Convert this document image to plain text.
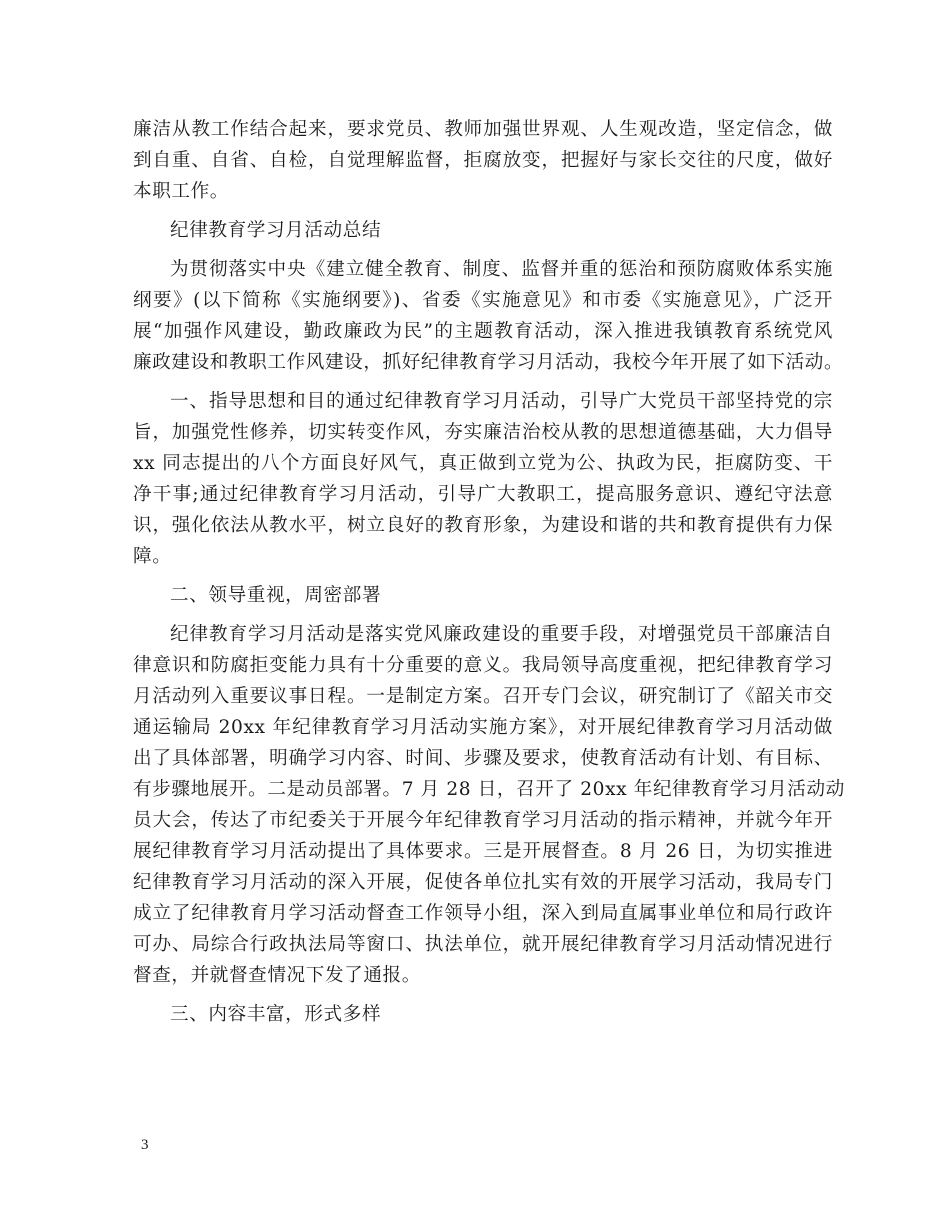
廉洁从教工作结合起来，要求党员、教师加强世界观、人生观改造，坚定信念，做

到自重、自省、自检，自觉理解监督，拒腐放变，把握好与家长交往的尺度，做好

本职工作。

纪律教育学习月活动总结

为贯彻落实中央《建立健全教育、制度、监督并重的惩治和预防腐败体系实施

纲要》(以下简称《实施纲要》)、省委《实施意见》和市委《实施意见》，广泛开

展“加强作风建设，勤政廉政为民”的主题教育活动，深入推进我镇教育系统党风

廉政建设和教职工作风建设，抓好纪律教育学习月活动，我校今年开展了如下活动。

一、指导思想和目的通过纪律教育学习月活动，引导广大党员干部坚持党的宗

旨，加强党性修养，切实转变作风，夯实廉洁治校从教的思想道德基础，大力倡导

xx 同志提出的八个方面良好风气，真正做到立党为公、执政为民，拒腐防变、干

净干事;通过纪律教育学习月活动，引导广大教职工，提高服务意识、遵纪守法意

识，强化依法从教水平，树立良好的教育形象，为建设和谐的共和教育提供有力保

障。

二、领导重视，周密部署

纪律教育学习月活动是落实党风廉政建设的重要手段，对增强党员干部廉洁自

律意识和防腐拒变能力具有十分重要的意义。我局领导高度重视，把纪律教育学习

月活动列入重要议事日程。一是制定方案。召开专门会议，研究制订了《韶关市交

通运输局 20xx 年纪律教育学习月活动实施方案》，对开展纪律教育学习月活动做

出了具体部署，明确学习内容、时间、步骤及要求，使教育活动有计划、有目标、

有步骤地展开。二是动员部署。7 月 28 日，召开了 20xx 年纪律教育学习月活动动

员大会，传达了市纪委关于开展今年纪律教育学习月活动的指示精神，并就今年开

展纪律教育学习月活动提出了具体要求。三是开展督查。8 月 26 日，为切实推进

纪律教育学习月活动的深入开展，促使各单位扎实有效的开展学习活动，我局专门

成立了纪律教育月学习活动督查工作领导小组，深入到局直属事业单位和局行政许

可办、局综合行政执法局等窗口、执法单位，就开展纪律教育学习月活动情况进行

督查，并就督查情况下发了通报。

三、内容丰富，形式多样

3
